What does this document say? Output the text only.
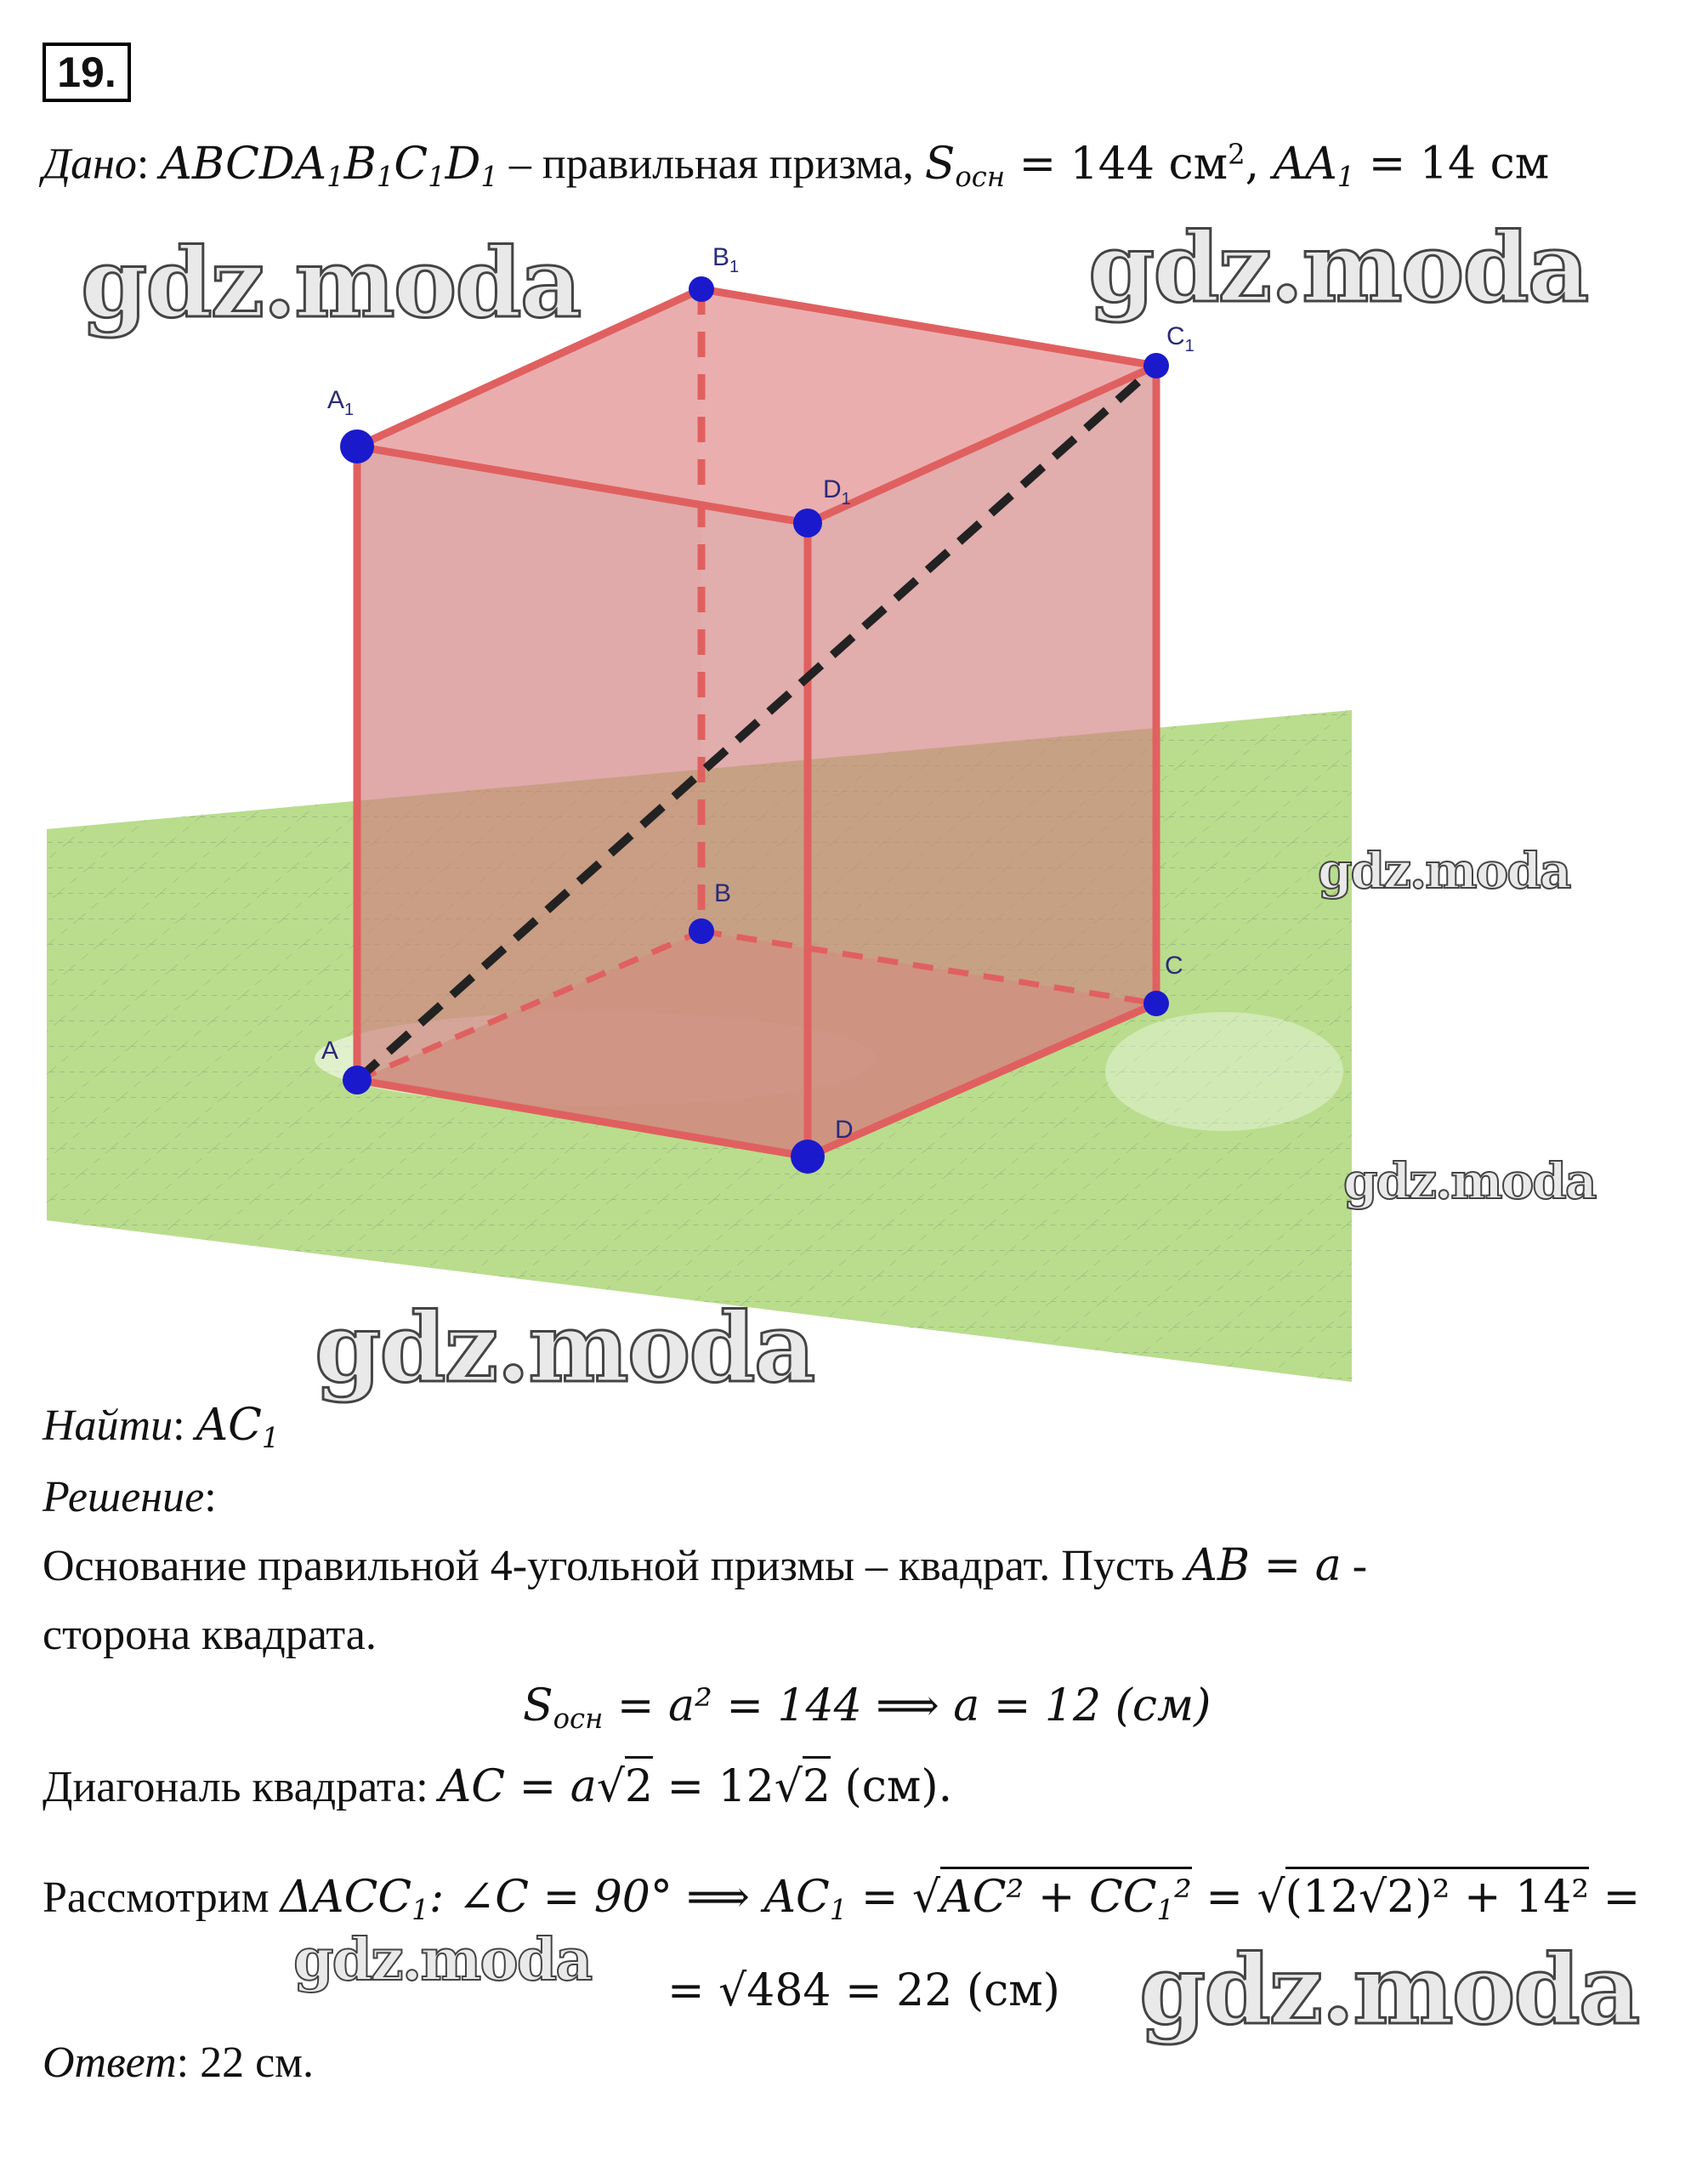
19.
Дано: $ABCDA_1B_1C_1D_1$ – правильная призма, $S_{осн} = 144$ $см^2$, $AA_1 = 14$ см
A
B
C
D
$A_1$
$B_1$
$C_1$
$D_1$
gdz.moda	gdz.moda
gdz.moda
gdz.moda
gdz.moda
gdz.moda	gdz.moda
Найти: $AC_1$
Решение:
Основание правильной 4-угольной призмы – квадрат. Пусть AB = a -
сторона квадрата.
$S_{осн} = a^2 = 144$ ⟹ a = 12 (см)
Диагональ квадрата: AC = a√2 = 12√2 (см).
Рассмотрим $\Delta ACC_1$: ∠C = 90° ⟹ $AC_1 = √AC^2 + CC_1^2 = √(12√2)^2 + 14^2$ =
= √484 = 22 (см)
Ответ: 22 см.
